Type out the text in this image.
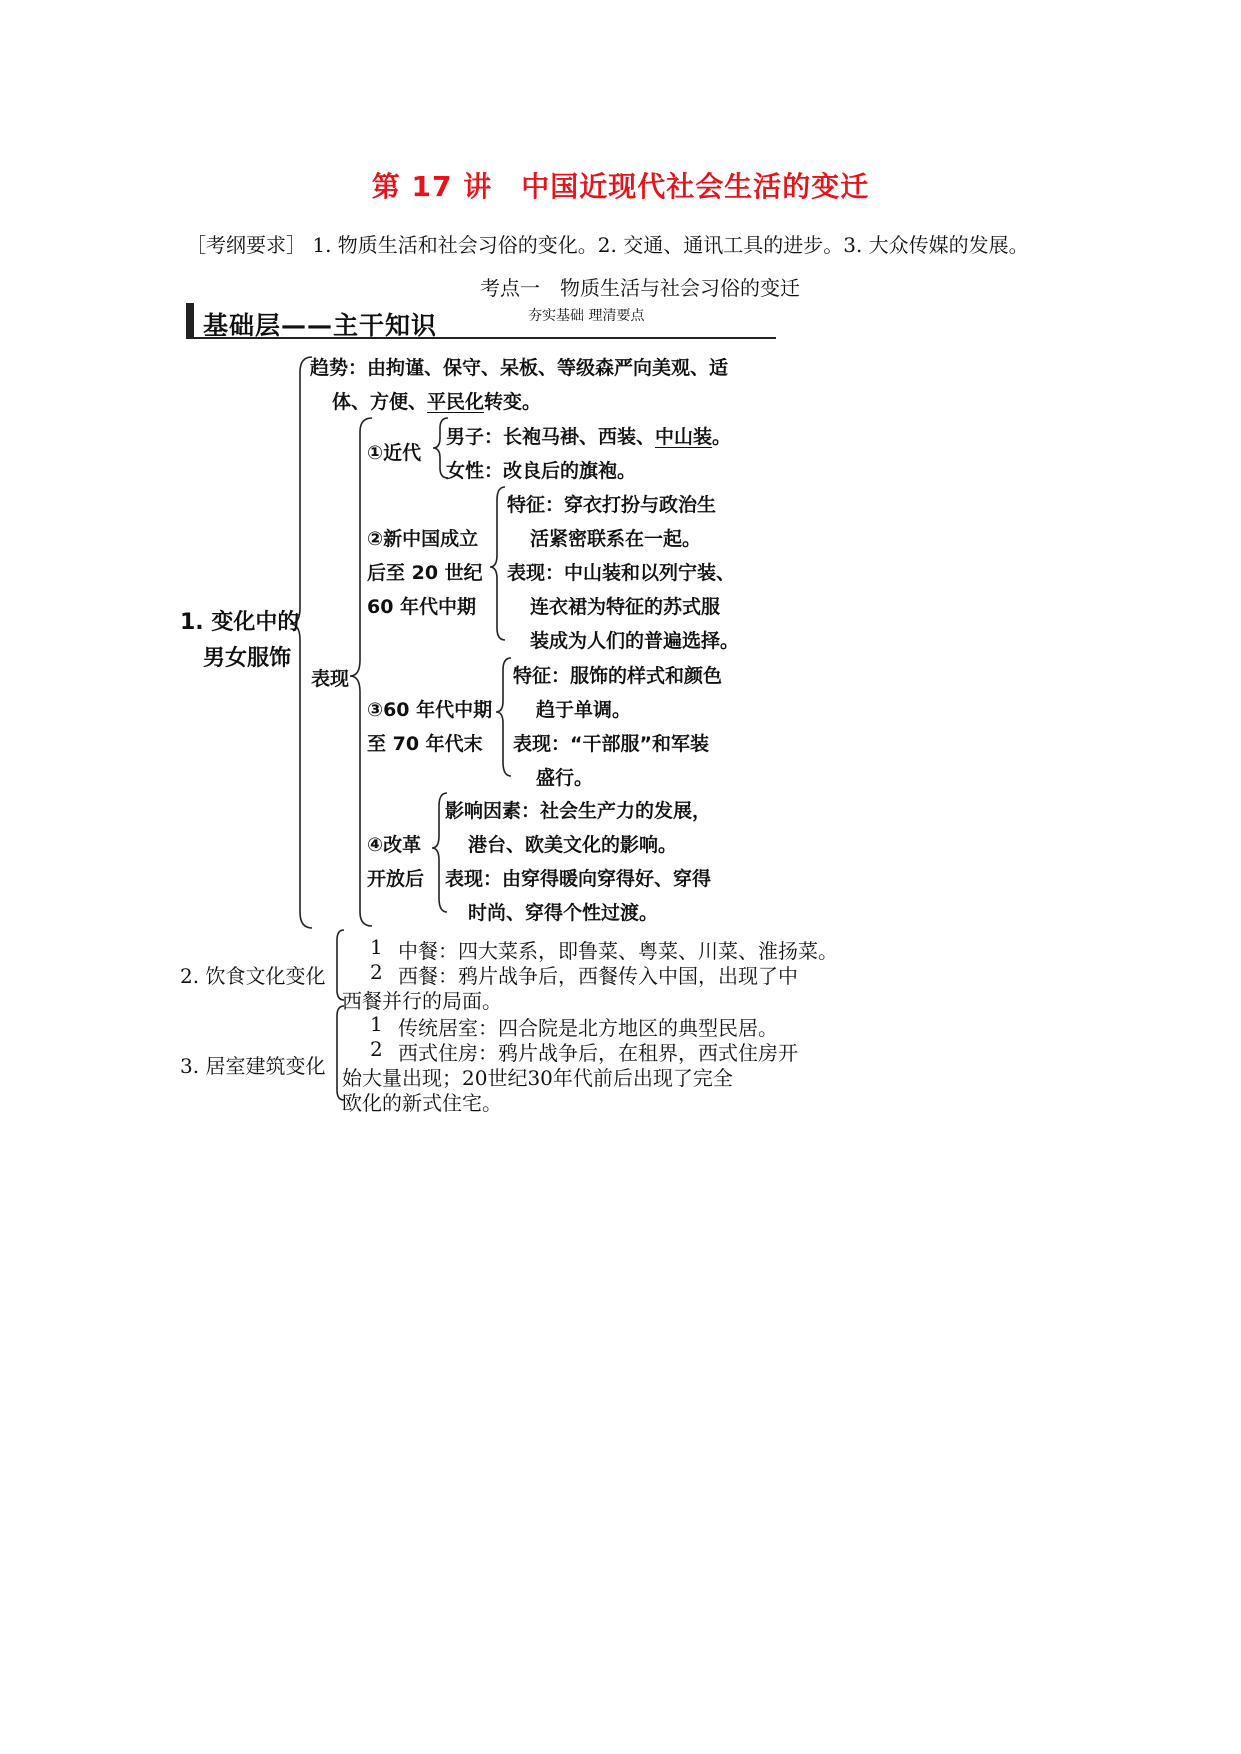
第 17 讲　中国近现代社会生活的变迁
［考纲要求］ 1. 物质生活和社会习俗的变化。2. 交通、通讯工具的进步。3. 大众传媒的发展。
考点一　物质生活与社会习俗的变迁
基础层——主干知识	夯实基础 理清要点
1. 变化中的
男女服饰
趋势：由拘谨、保守、呆板、等级森严向美观、适
体、方便、平民化转变。
表现
①近代
男子：长袍马褂、西装、中山装。
女性：改良后的旗袍。
②新中国成立
后至 20 世纪
60 年代中期
特征：穿衣打扮与政治生
活紧密联系在一起。
表现：中山装和以列宁装、
连衣裙为特征的苏式服
装成为人们的普遍选择。
③60 年代中期
至 70 年代末
特征：服饰的样式和颜色
趋于单调。
表现：“干部服”和军装
盛行。
④改革
开放后
影响因素：社会生产力的发展，
港台、欧美文化的影响。
表现：由穿得暖向穿得好、穿得
时尚、穿得个性过渡。
2. 饮食文化变化
1 中餐：四大菜系，即鲁菜、粤菜、川菜、淮扬菜。
2 西餐：鸦片战争后，西餐传入中国，出现了中
西餐并行的局面。
3. 居室建筑变化
1 传统居室：四合院是北方地区的典型民居。
2 西式住房：鸦片战争后，在租界，西式住房开
始大量出现；20世纪30年代前后出现了完全
欧化的新式住宅。
